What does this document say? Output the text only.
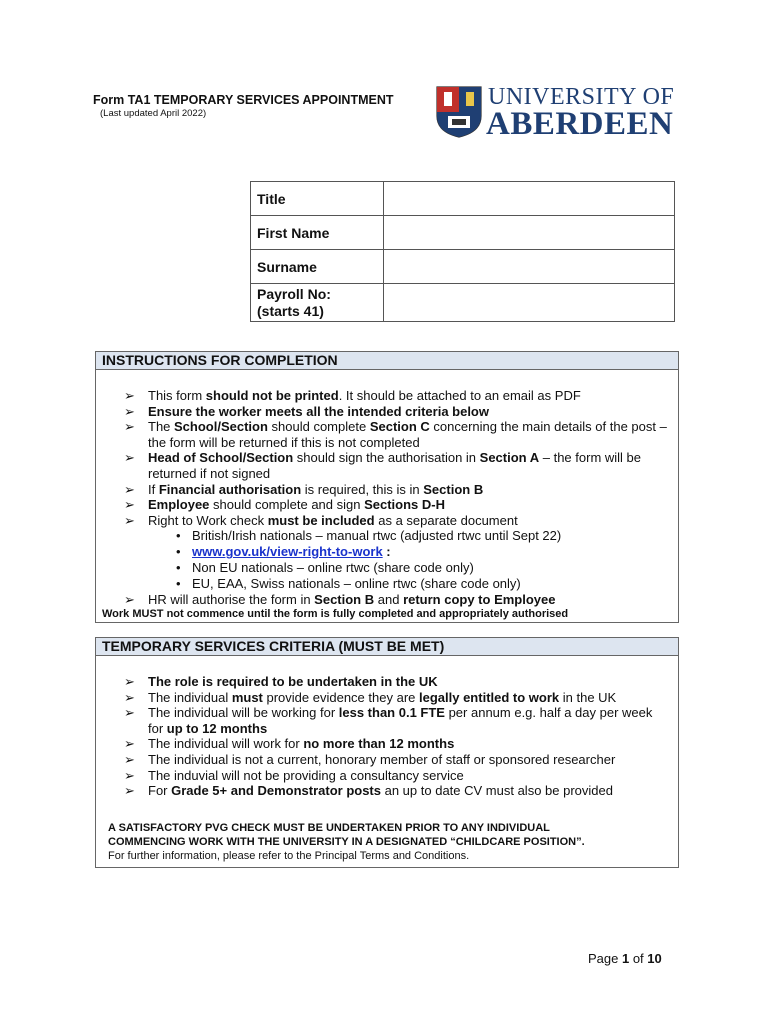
Form TA1 TEMPORARY SERVICES APPOINTMENT
(Last updated April 2022)
UNIVERSITY OF
ABERDEEN
Title	
First Name	
Surname	

Payroll No:
(starts 41)	

INSTRUCTIONS FOR COMPLETION
➢ This form should not be printed. It should be attached to an email as PDF
➢ Ensure the worker meets all the intended criteria below
➢ The School/Section should complete Section C concerning the main details of the post – the form will be returned if this is not completed
➢ Head of School/Section should sign the authorisation in Section A – the form will be returned if not signed
➢ If Financial authorisation is required, this is in Section B
➢ Employee should complete and sign Sections D-H
➢ Right to Work check must be included as a separate document
• British/Irish nationals – manual rtwc (adjusted rtwc until Sept 22)
• www.gov.uk/view-right-to-work :
• Non EU nationals – online rtwc (share code only)
• EU, EAA, Swiss nationals – online rtwc (share code only)
➢ HR will authorise the form in Section B and return copy to Employee
Work MUST not commence until the form is fully completed and appropriately authorised
TEMPORARY SERVICES CRITERIA (MUST BE MET)
➢ The role is required to be undertaken in the UK
➢ The individual must provide evidence they are legally entitled to work in the UK
➢ The individual will be working for less than 0.1 FTE per annum e.g. half a day per week for up to 12 months
➢ The individual will work for no more than 12 months
➢ The individual is not a current, honorary member of staff or sponsored researcher
➢ The induvial will not be providing a consultancy service
➢ For Grade 5+ and Demonstrator posts an up to date CV must also be provided
A SATISFACTORY PVG CHECK MUST BE UNDERTAKEN PRIOR TO ANY INDIVIDUAL
COMMENCING WORK WITH THE UNIVERSITY IN A DESIGNATED “CHILDCARE POSITION”.
For further information, please refer to the Principal Terms and Conditions.
Page 1 of 10
